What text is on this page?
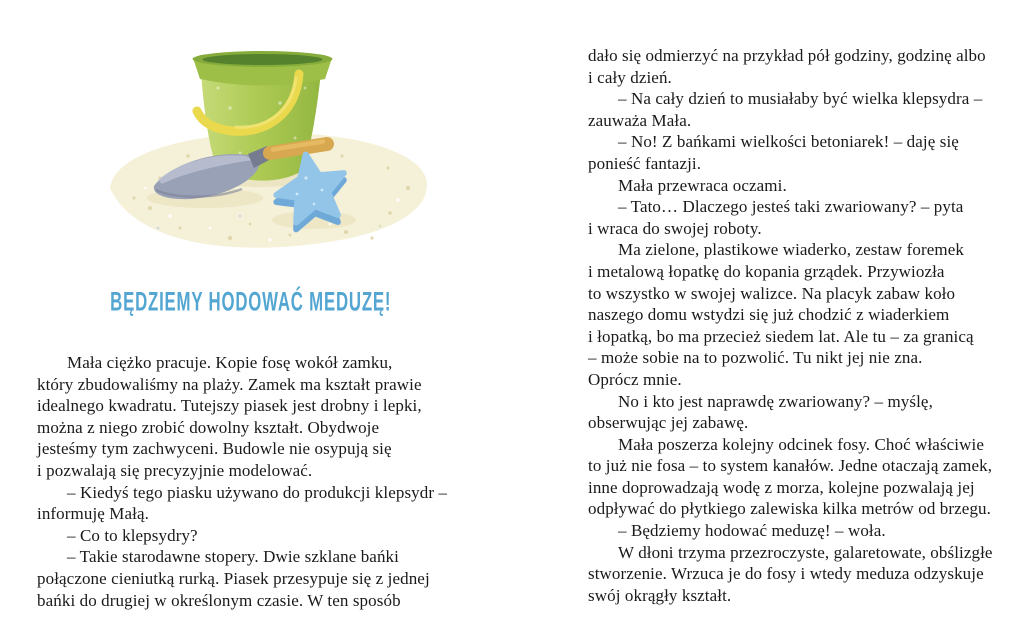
BĘDZIEMY HODOWAĆ MEDUZĘ!

Mała ciężko pracuje. Kopie fosę wokół zamku,

który zbudowaliśmy na plaży. Zamek ma kształt prawie

idealnego kwadratu. Tutejszy piasek jest drobny i lepki,

można z niego zrobić dowolny kształt. Obydwoje

jesteśmy tym zachwyceni. Budowle nie osypują się

i pozwalają się precyzyjnie modelować.

– Kiedyś tego piasku używano do produkcji klepsydr –

informuję Małą.

– Co to klepsydry?

– Takie starodawne stopery. Dwie szklane bańki

połączone cieniutką rurką. Piasek przesypuje się z jednej

bańki do drugiej w określonym czasie. W ten sposób

dało się odmierzyć na przykład pół godziny, godzinę albo

i cały dzień.

– Na cały dzień to musiałaby być wielka klepsydra –

zauważa Mała.

– No! Z bańkami wielkości betoniarek! – daję się

ponieść fantazji.

Mała przewraca oczami.

– Tato… Dlaczego jesteś taki zwariowany? – pyta

i wraca do swojej roboty.

Ma zielone, plastikowe wiaderko, zestaw foremek

i metalową łopatkę do kopania grządek. Przywiozła

to wszystko w swojej walizce. Na placyk zabaw koło

naszego domu wstydzi się już chodzić z wiaderkiem

i łopatką, bo ma przecież siedem lat. Ale tu – za granicą

– może sobie na to pozwolić. Tu nikt jej nie zna.

Oprócz mnie.

No i kto jest naprawdę zwariowany? – myślę,

obserwując jej zabawę.

Mała poszerza kolejny odcinek fosy. Choć właściwie

to już nie fosa – to system kanałów. Jedne otaczają zamek,

inne doprowadzają wodę z morza, kolejne pozwalają jej

odpływać do płytkiego zalewiska kilka metrów od brzegu.

– Będziemy hodować meduzę! – woła.

W dłoni trzyma przezroczyste, galaretowate, obślizgłe

stworzenie. Wrzuca je do fosy i wtedy meduza odzyskuje

swój okrągły kształt.
